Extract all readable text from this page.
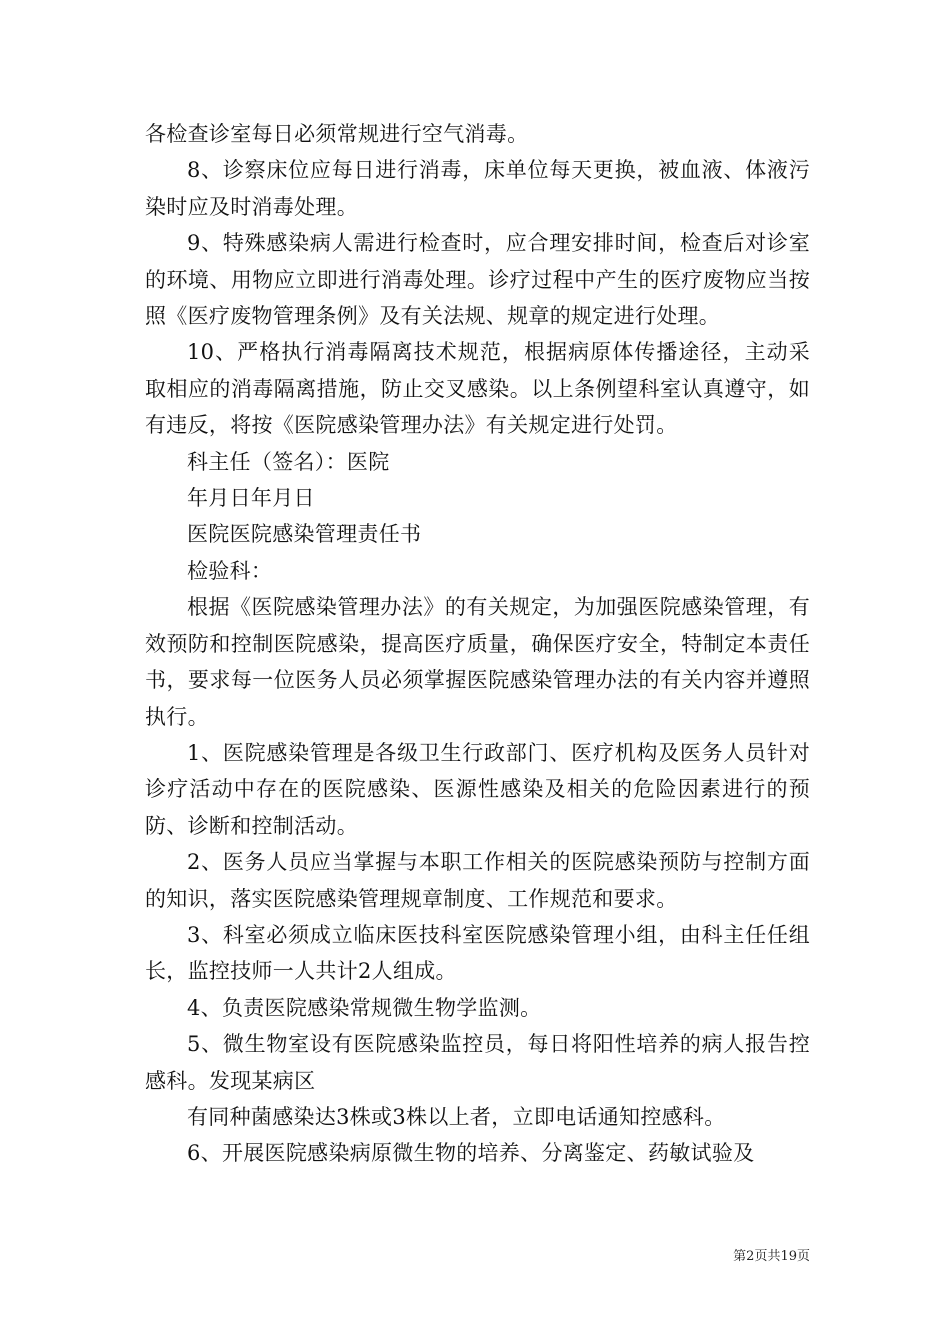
各检查诊室每日必须常规进行空气消毒。

8、诊察床位应每日进行消毒，床单位每天更换，被血液、体液污染时应及时消毒处理。

9、特殊感染病人需进行检查时，应合理安排时间，检查后对诊室的环境、用物应立即进行消毒处理。诊疗过程中产生的医疗废物应当按照《医疗废物管理条例》及有关法规、规章的规定进行处理。

10、严格执行消毒隔离技术规范，根据病原体传播途径，主动采取相应的消毒隔离措施，防止交叉感染。以上条例望科室认真遵守，如有违反，将按《医院感染管理办法》有关规定进行处罚。

科主任（签名）：医院

年月日年月日

医院医院感染管理责任书

检验科：

根据《医院感染管理办法》的有关规定，为加强医院感染管理，有效预防和控制医院感染，提高医疗质量，确保医疗安全，特制定本责任书，要求每一位医务人员必须掌握医院感染管理办法的有关内容并遵照执行。

1、医院感染管理是各级卫生行政部门、医疗机构及医务人员针对诊疗活动中存在的医院感染、医源性感染及相关的危险因素进行的预防、诊断和控制活动。

2、医务人员应当掌握与本职工作相关的医院感染预防与控制方面的知识，落实医院感染管理规章制度、工作规范和要求。

3、科室必须成立临床医技科室医院感染管理小组，由科主任任组长，监控技师一人共计2人组成。

4、负责医院感染常规微生物学监测。

5、微生物室设有医院感染监控员，每日将阳性培养的病人报告控感科。发现某病区

有同种菌感染达3株或3株以上者，立即电话通知控感科。

6、开展医院感染病原微生物的培养、分离鉴定、药敏试验及

第2页共19页
